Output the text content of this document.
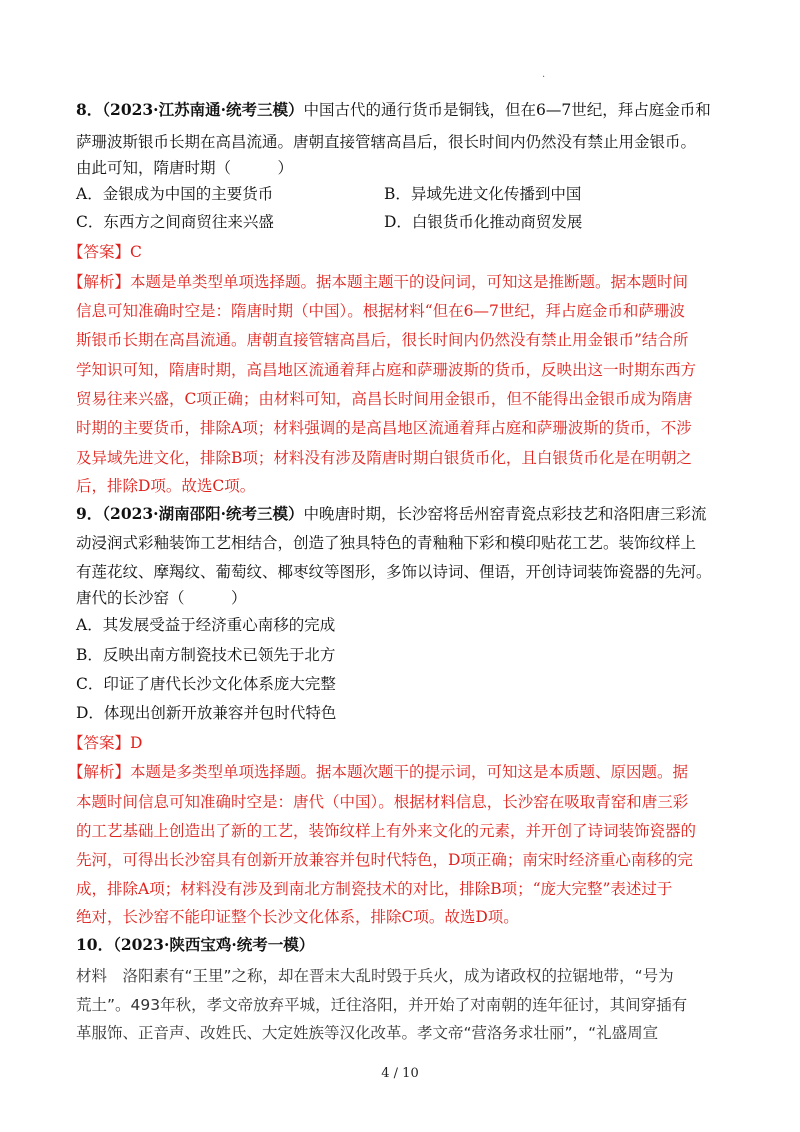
·
8．（2023·江苏南通·统考三模）中国古代的通行货币是铜钱，但在6—7世纪，拜占庭金币和
萨珊波斯银币长期在高昌流通。唐朝直接管辖高昌后，很长时间内仍然没有禁止用金银币。
由此可知，隋唐时期（　　　）
A．金银成为中国的主要货币	B．异域先进文化传播到中国
C．东西方之间商贸往来兴盛	D．白银货币化推动商贸发展
【答案】C
【解析】本题是单类型单项选择题。据本题主题干的设问词，可知这是推断题。据本题时间
信息可知准确时空是：隋唐时期（中国）。根据材料“但在6—7世纪，拜占庭金币和萨珊波
斯银币长期在高昌流通。唐朝直接管辖高昌后，很长时间内仍然没有禁止用金银币”结合所
学知识可知，隋唐时期，高昌地区流通着拜占庭和萨珊波斯的货币，反映出这一时期东西方
贸易往来兴盛，C项正确；由材料可知，高昌长时间用金银币，但不能得出金银币成为隋唐
时期的主要货币，排除A项；材料强调的是高昌地区流通着拜占庭和萨珊波斯的货币，不涉
及异域先进文化，排除B项；材料没有涉及隋唐时期白银货币化，且白银货币化是在明朝之
后，排除D项。故选C项。
9．（2023·湖南邵阳·统考三模）中晚唐时期，长沙窑将岳州窑青瓷点彩技艺和洛阳唐三彩流
动浸润式彩釉装饰工艺相结合，创造了独具特色的青釉釉下彩和模印贴花工艺。装饰纹样上
有莲花纹、摩羯纹、葡萄纹、椰枣纹等图形，多饰以诗词、俚语，开创诗词装饰瓷器的先河。
唐代的长沙窑（　　　）
A．其发展受益于经济重心南移的完成
B．反映出南方制瓷技术已领先于北方
C．印证了唐代长沙文化体系庞大完整
D．体现出创新开放兼容并包时代特色
【答案】D
【解析】本题是多类型单项选择题。据本题次题干的提示词，可知这是本质题、原因题。据
本题时间信息可知准确时空是：唐代（中国）。根据材料信息，长沙窑在吸取青窑和唐三彩
的工艺基础上创造出了新的工艺，装饰纹样上有外来文化的元素，并开创了诗词装饰瓷器的
先河，可得出长沙窑具有创新开放兼容并包时代特色，D项正确；南宋时经济重心南移的完
成，排除A项；材料没有涉及到南北方制瓷技术的对比，排除B项；“庞大完整”表述过于
绝对，长沙窑不能印证整个长沙文化体系，排除C项。故选D项。
10．（2023·陕西宝鸡·统考一模）
材料　洛阳素有“王里”之称，却在晋末大乱时毁于兵火，成为诸政权的拉锯地带，“号为
荒土”。493年秋，孝文帝放弃平城，迁往洛阳，并开始了对南朝的连年征讨，其间穿插有
革服饰、正音声、改姓氏、大定姓族等汉化改革。孝文帝“营洛务求壮丽”，“礼盛周宣
4 / 10
